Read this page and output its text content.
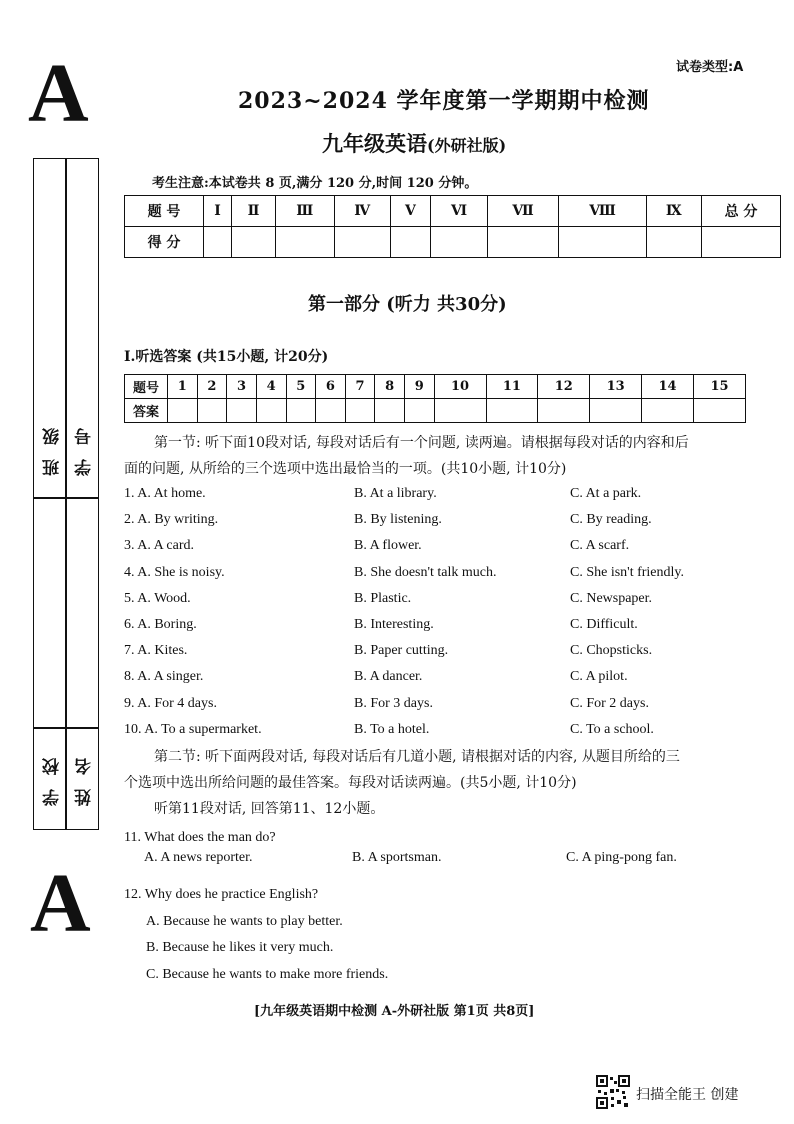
试卷类型:A
A
A
班级 学号
学校 姓名
2023~2024 学年度第一学期期中检测
九年级英语(外研社版)
考生注意:本试卷共 8 页,满分 120 分,时间 120 分钟。
题 号	Ⅰ	Ⅱ	Ⅲ	Ⅳ	Ⅴ	Ⅵ	Ⅶ	Ⅷ	Ⅸ	总 分
得 分										
第一部分 (听力 共30分)
Ⅰ.听选答案 (共15小题, 计20分)
题号	1	2	3	4	5	6	7	8	9	10	11	12	13	14	15
答案															
第一节: 听下面10段对话, 每段对话后有一个问题, 读两遍。请根据每段对话的内容和后
面的问题, 从所给的三个选项中选出最恰当的一项。(共10小题, 计10分)
1. A. At home.	B. At a library.	C. At a park.
2. A. By writing.	B. By listening.	C. By reading.
3. A. A card.	B. A flower.	C. A scarf.
4. A. She is noisy.	B. She doesn't talk much.	C. She isn't friendly.
5. A. Wood.	B. Plastic.	C. Newspaper.
6. A. Boring.	B. Interesting.	C. Difficult.
7. A. Kites.	B. Paper cutting.	C. Chopsticks.
8. A. A singer.	B. A dancer.	C. A pilot.
9. A. For 4 days.	B. For 3 days.	C. For 2 days.
10. A. To a supermarket.	B. To a hotel.	C. To a school.
第二节: 听下面两段对话, 每段对话后有几道小题, 请根据对话的内容, 从题目所给的三
个选项中选出所给问题的最佳答案。每段对话读两遍。(共5小题, 计10分)
听第11段对话, 回答第11、12小题。
11. What does the man do?
A. A news reporter.	B. A sportsman.	C. A ping-pong fan.
12. Why does he practice English?
A. Because he wants to play better.
B. Because he likes it very much.
C. Because he wants to make more friends.
[九年级英语期中检测 A-外研社版 第1页 共8页]
扫描全能王 创建
